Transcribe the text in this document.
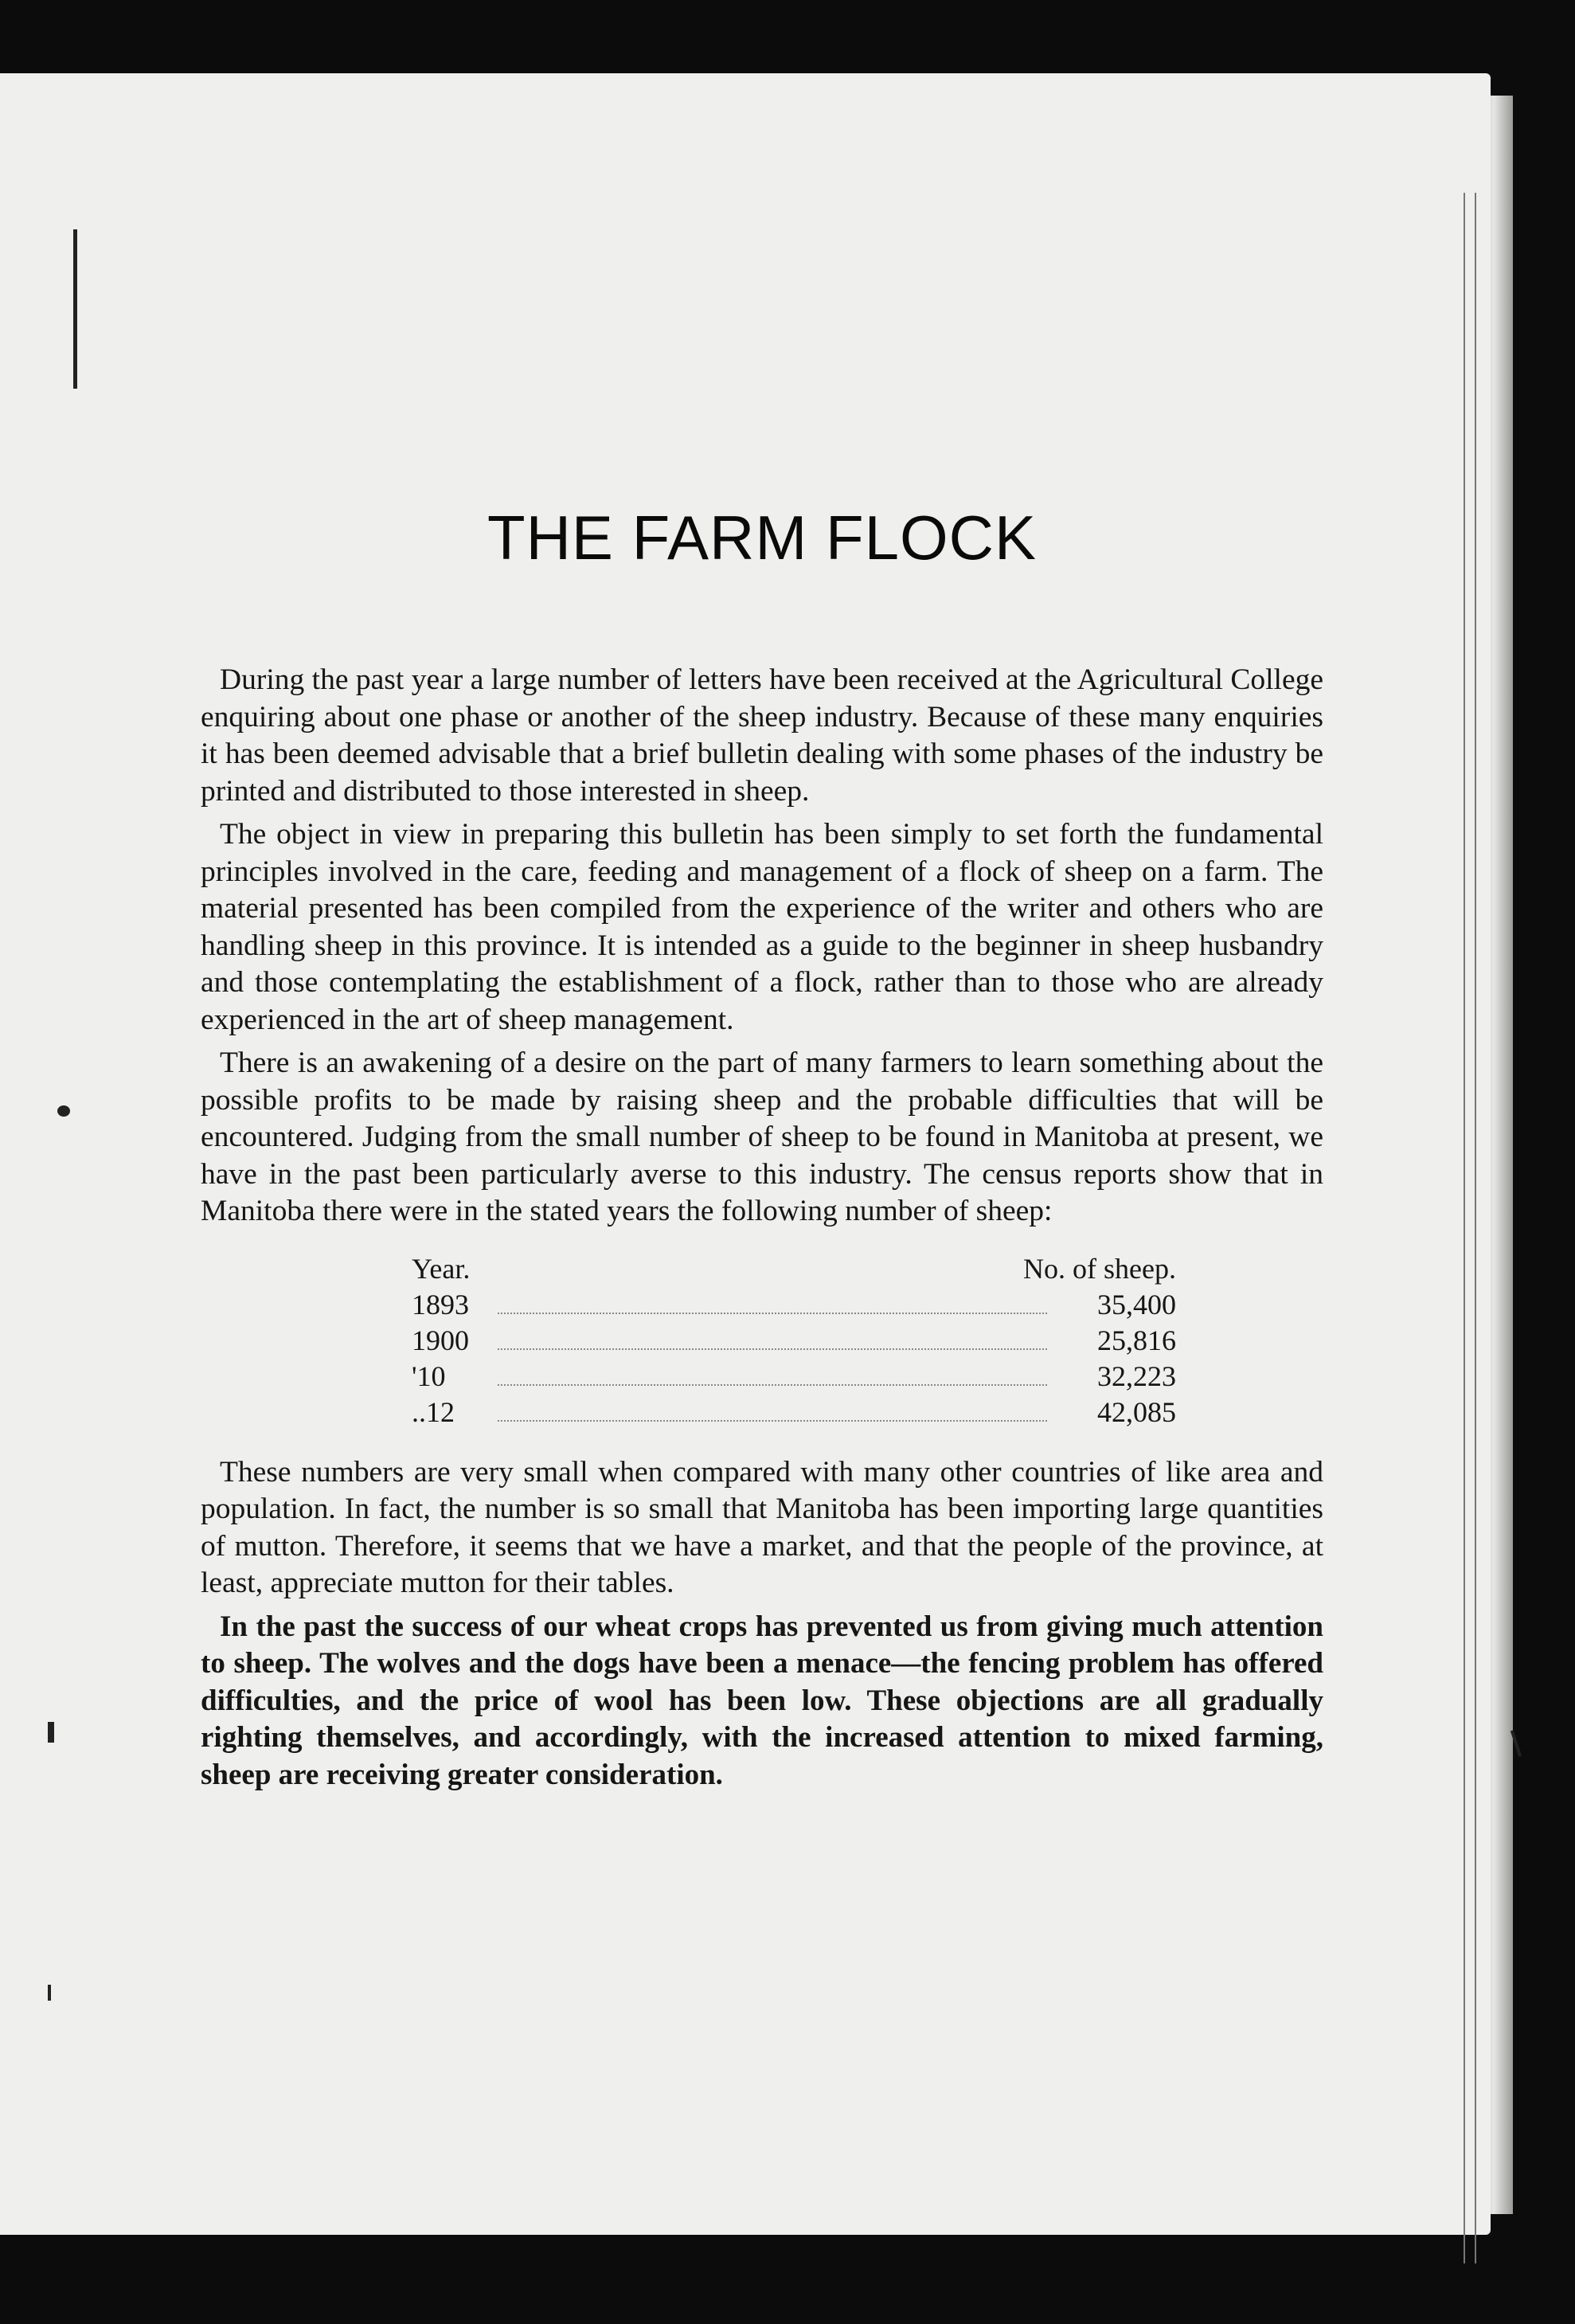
THE FARM FLOCK

During the past year a large number of letters have been received at the Agricultural College enquiring about one phase or another of the sheep industry. Because of these many enquiries it has been deemed advisable that a brief bulletin dealing with some phases of the industry be printed and distributed to those interested in sheep.

The object in view in preparing this bulletin has been simply to set forth the fundamental principles involved in the care, feeding and management of a flock of sheep on a farm. The material presented has been compiled from the experience of the writer and others who are handling sheep in this province. It is intended as a guide to the beginner in sheep husbandry and those contemplating the establishment of a flock, rather than to those who are already experienced in the art of sheep management.

There is an awakening of a desire on the part of many farmers to learn something about the possible profits to be made by raising sheep and the probable difficulties that will be encountered. Judging from the small number of sheep to be found in Manitoba at present, we have in the past been particularly averse to this industry. The census reports show that in Manitoba there were in the stated years the following number of sheep:

Year.	No. of sheep.
1893	35,400
1900	25,816
'10	32,223
..12	42,085

These numbers are very small when compared with many other countries of like area and population. In fact, the number is so small that Manitoba has been importing large quantities of mutton. Therefore, it seems that we have a market, and that the people of the province, at least, appreciate mutton for their tables.

In the past the success of our wheat crops has prevented us from giving much attention to sheep. The wolves and the dogs have been a menace—the fencing problem has offered difficulties, and the price of wool has been low. These objections are all gradually righting themselves, and accordingly, with the increased attention to mixed farming, sheep are receiving greater consideration.
